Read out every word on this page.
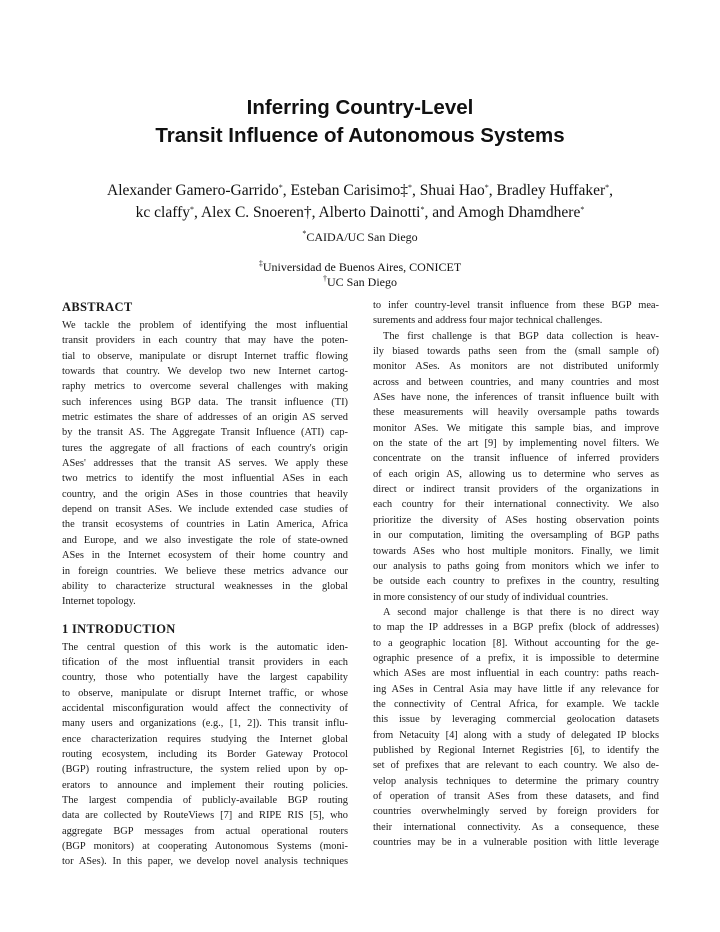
Inferring Country-Level
Transit Influence of Autonomous Systems
Alexander Gamero-Garrido*, Esteban Carisimo‡*, Shuai Hao*, Bradley Huffaker*,
kc claffy*, Alex C. Snoeren†, Alberto Dainotti*, and Amogh Dhamdhere*
*CAIDA/UC San Diego
‡Universidad de Buenos Aires, CONICET
†UC San Diego
ABSTRACT
We tackle the problem of identifying the most influential
transit providers in each country that may have the poten-
tial to observe, manipulate or disrupt Internet traffic flowing
towards that country. We develop two new Internet cartog-
raphy metrics to overcome several challenges with making
such inferences using BGP data. The transit influence (TI)
metric estimates the share of addresses of an origin AS served
by the transit AS. The Aggregate Transit Influence (ATI) cap-
tures the aggregate of all fractions of each country's origin
ASes' addresses that the transit AS serves. We apply these
two metrics to identify the most influential ASes in each
country, and the origin ASes in those countries that heavily
depend on transit ASes. We include extended case studies of
the transit ecosystems of countries in Latin America, Africa
and Europe, and we also investigate the role of state-owned
ASes in the Internet ecosystem of their home country and
in foreign countries. We believe these metrics advance our
ability to characterize structural weaknesses in the global
Internet topology.
1 INTRODUCTION
The central question of this work is the automatic iden-
tification of the most influential transit providers in each
country, those who potentially have the largest capability
to observe, manipulate or disrupt Internet traffic, or whose
accidental misconfiguration would affect the connectivity of
many users and organizations (e.g., [1, 2]). This transit influ-
ence characterization requires studying the Internet global
routing ecosystem, including its Border Gateway Protocol
(BGP) routing infrastructure, the system relied upon by op-
erators to announce and implement their routing policies.
The largest compendia of publicly-available BGP routing
data are collected by RouteViews [7] and RIPE RIS [5], who
aggregate BGP messages from actual operational routers
(BGP monitors) at cooperating Autonomous Systems (moni-
tor ASes). In this paper, we develop novel analysis techniques
to infer country-level transit influence from these BGP mea-
surements and address four major technical challenges.
The first challenge is that BGP data collection is heav-
ily biased towards paths seen from the (small sample of)
monitor ASes. As monitors are not distributed uniformly
across and between countries, and many countries and most
ASes have none, the inferences of transit influence built with
these measurements will heavily oversample paths towards
monitor ASes. We mitigate this sample bias, and improve
on the state of the art [9] by implementing novel filters. We
concentrate on the transit influence of inferred providers
of each origin AS, allowing us to determine who serves as
direct or indirect transit providers of the organizations in
each country for their international connectivity. We also
prioritize the diversity of ASes hosting observation points
in our computation, limiting the oversampling of BGP paths
towards ASes who host multiple monitors. Finally, we limit
our analysis to paths going from monitors which we infer to
be outside each country to prefixes in the country, resulting
in more consistency of our study of individual countries.
A second major challenge is that there is no direct way
to map the IP addresses in a BGP prefix (block of addresses)
to a geographic location [8]. Without accounting for the ge-
ographic presence of a prefix, it is impossible to determine
which ASes are most influential in each country: paths reach-
ing ASes in Central Asia may have little if any relevance for
the connectivity of Central Africa, for example. We tackle
this issue by leveraging commercial geolocation datasets
from Netacuity [4] along with a study of delegated IP blocks
published by Regional Internet Registries [6], to identify the
set of prefixes that are relevant to each country. We also de-
velop analysis techniques to determine the primary country
of operation of transit ASes from these datasets, and find
countries overwhelmingly served by foreign providers for
their international connectivity. As a consequence, these
countries may be in a vulnerable position with little leverage
